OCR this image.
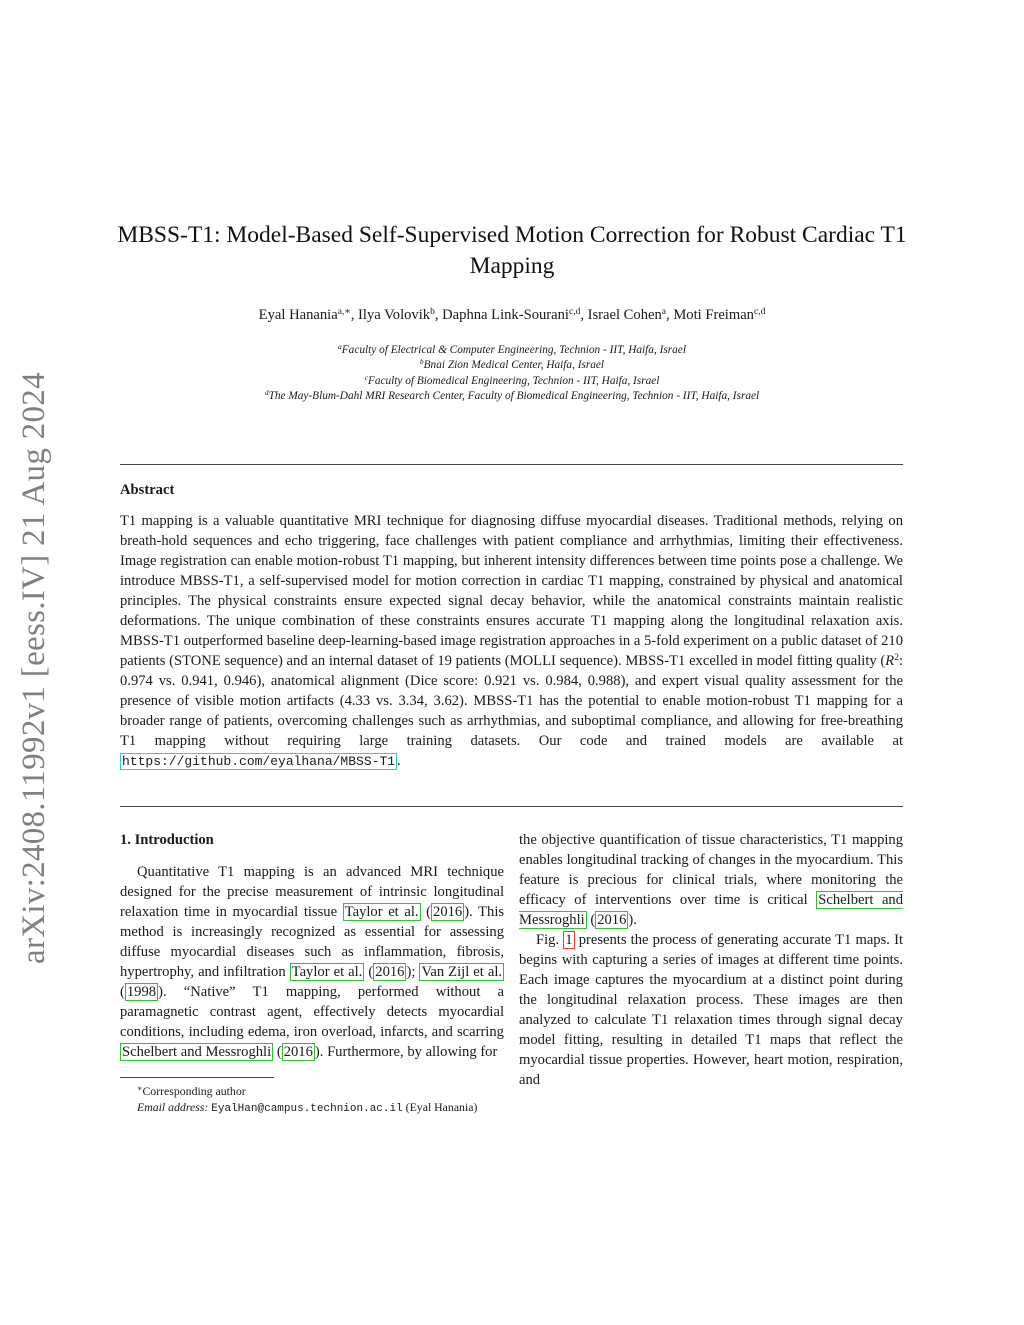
arXiv:2408.11992v1 [eess.IV] 21 Aug 2024
MBSS-T1: Model-Based Self-Supervised Motion Correction for Robust Cardiac T1 Mapping
Eyal Hanania$^{a,∗}$, Ilya Volovik$^b$, Daphna Link-Sourani$^{c,d}$, Israel Cohen$^a$, Moti Freiman$^{c,d}$
$^a$Faculty of Electrical & Computer Engineering, Technion - IIT, Haifa, Israel
$^b$Bnai Zion Medical Center, Haifa, Israel
$^c$Faculty of Biomedical Engineering, Technion - IIT, Haifa, Israel
$^d$The May-Blum-Dahl MRI Research Center, Faculty of Biomedical Engineering, Technion - IIT, Haifa, Israel
Abstract
T1 mapping is a valuable quantitative MRI technique for diagnosing diffuse myocardial diseases. Traditional methods, relying on breath-hold sequences and echo triggering, face challenges with patient compliance and arrhythmias, limiting their effectiveness. Image registration can enable motion-robust T1 mapping, but inherent intensity differences between time points pose a challenge. We introduce MBSS-T1, a self-supervised model for motion correction in cardiac T1 mapping, constrained by physical and anatomical principles. The physical constraints ensure expected signal decay behavior, while the anatomical constraints maintain realistic deformations. The unique combination of these constraints ensures accurate T1 mapping along the longitudinal relaxation axis. MBSS-T1 outperformed baseline deep-learning-based image registration approaches in a 5-fold experiment on a public dataset of 210 patients (STONE sequence) and an internal dataset of 19 patients (MOLLI sequence). MBSS-T1 excelled in model fitting quality ($R^2$: 0.974 vs. 0.941, 0.946), anatomical alignment (Dice score: 0.921 vs. 0.984, 0.988), and expert visual quality assessment for the presence of visible motion artifacts (4.33 vs. 3.34, 3.62). MBSS-T1 has the potential to enable motion-robust T1 mapping for a broader range of patients, overcoming challenges such as arrhythmias, and suboptimal compliance, and allowing for free-breathing T1 mapping without requiring large training datasets. Our code and trained models are available at https://github.com/eyalhana/MBSS-T1 .
1. Introduction

Quantitative T1 mapping is an advanced MRI technique designed for the precise measurement of intrinsic longitudinal relaxation time in myocardial tissue Taylor et al. ( 2016 ). This method is increasingly recognized as essential for assessing diffuse myocardial diseases such as inflammation, fibrosis, hypertrophy, and infiltration Taylor et al. ( 2016 ); Van Zijl et al. ( 1998 ). “Native” T1 mapping, performed without a paramagnetic contrast agent, effectively detects myocardial conditions, including edema, iron overload, infarcts, and scarring Schelbert and Messroghli ( 2016 ). Furthermore, by allowing for

the objective quantification of tissue characteristics, T1 mapping enables longitudinal tracking of changes in the myocardium. This feature is precious for clinical trials, where monitoring the efficacy of interventions over time is critical Schelbert and Messroghli ( 2016 ).

Fig. 1 presents the process of generating accurate T1 maps. It begins with capturing a series of images at different time points. Each image captures the myocardium at a distinct point during the longitudinal relaxation process. These images are then analyzed to calculate T1 relaxation times through signal decay model fitting, resulting in detailed T1 maps that reflect the myocardial tissue properties. However, heart motion, respiration, and

∗Corresponding author
Email address: EyalHan@campus.technion.ac.il (Eyal Hanania)
